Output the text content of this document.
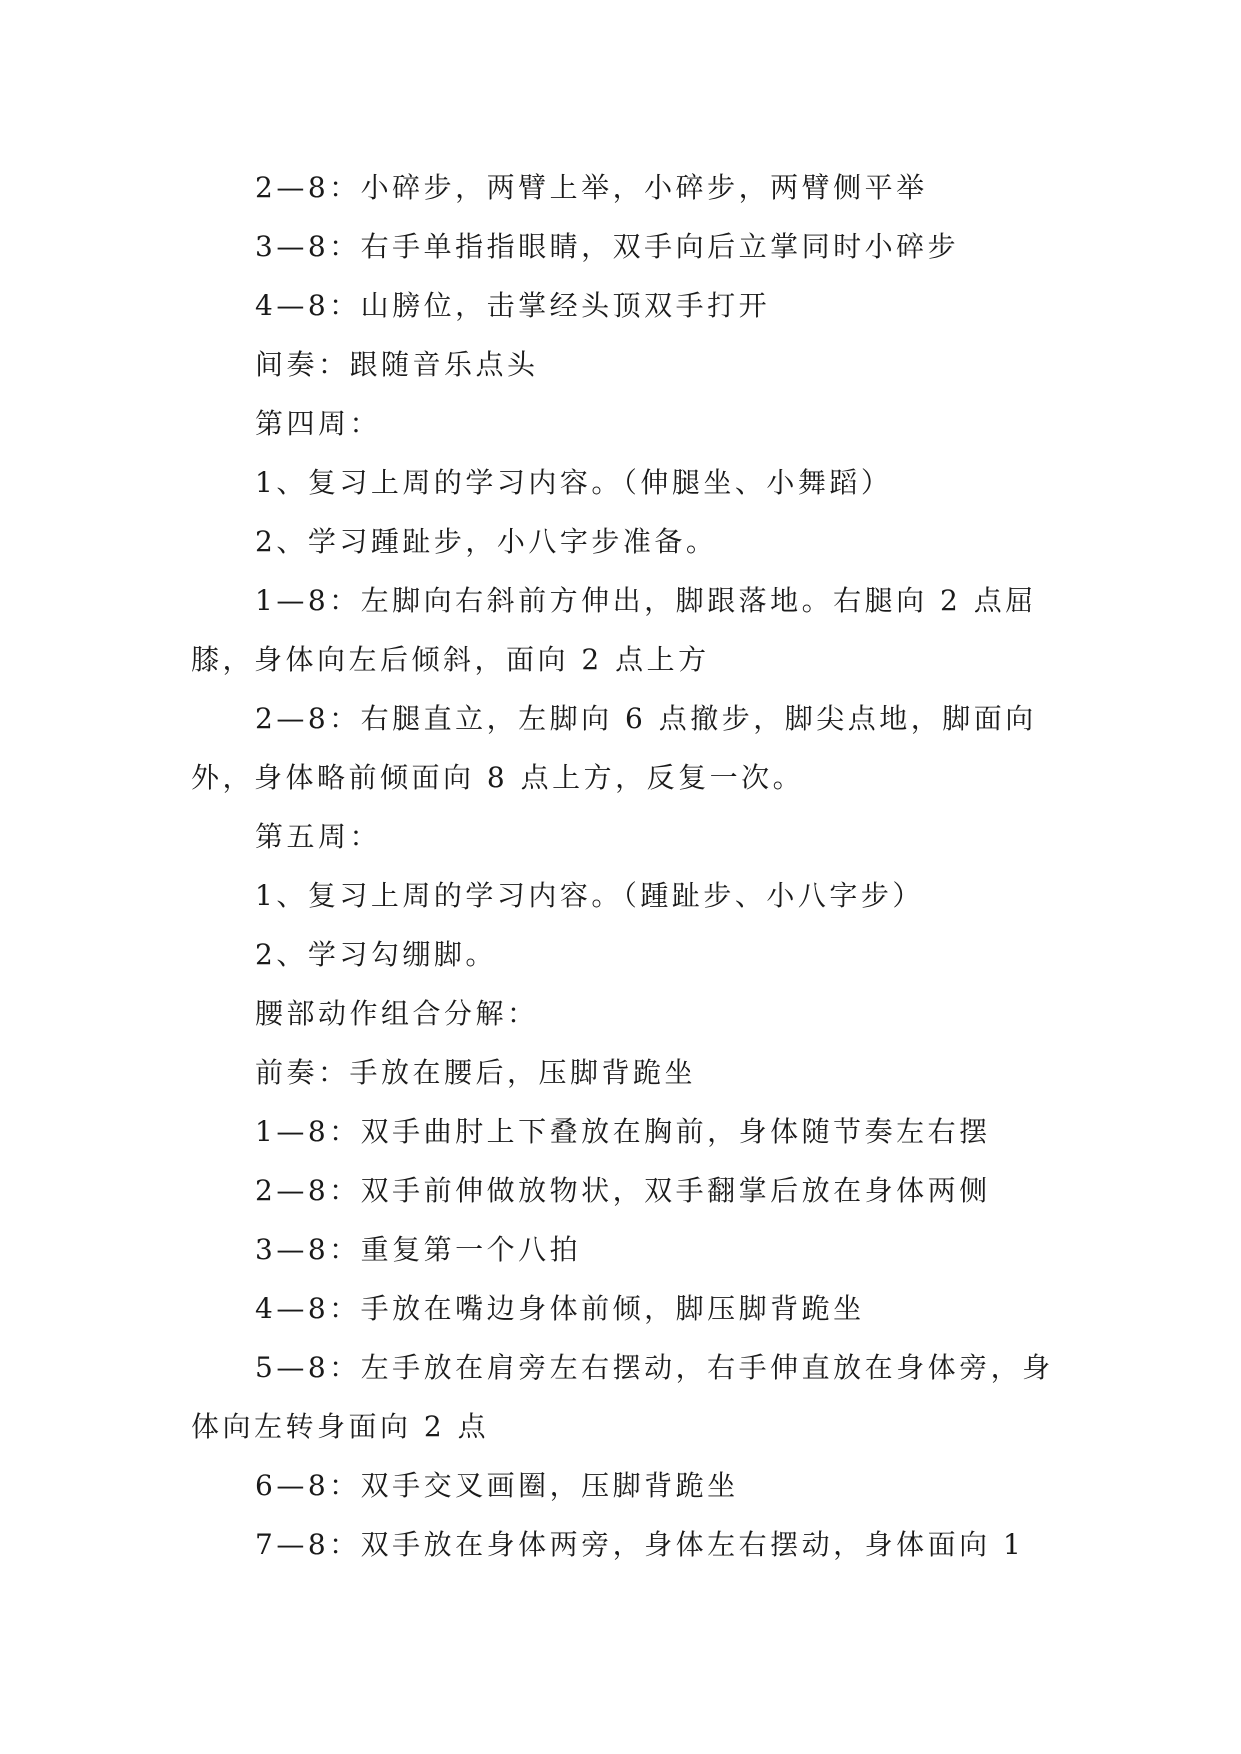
2—8：小碎步，两臂上举，小碎步，两臂侧平举

3—8：右手单指指眼睛，双手向后立掌同时小碎步

4—8：山膀位，击掌经头顶双手打开

间奏：跟随音乐点头

第四周：

1、复习上周的学习内容。（伸腿坐、小舞蹈）

2、学习踵趾步，小八字步准备。

1—8：左脚向右斜前方伸出，脚跟落地。右腿向 2 点屈膝，身体向左后倾斜，面向 2 点上方

2—8：右腿直立，左脚向 6 点撤步，脚尖点地，脚面向外，身体略前倾面向 8 点上方，反复一次。

第五周：

1、复习上周的学习内容。（踵趾步、小八字步）

2、学习勾绷脚。

腰部动作组合分解：

前奏：手放在腰后，压脚背跪坐

1—8：双手曲肘上下叠放在胸前，身体随节奏左右摆

2—8：双手前伸做放物状，双手翻掌后放在身体两侧

3—8：重复第一个八拍

4—8：手放在嘴边身体前倾，脚压脚背跪坐

5—8：左手放在肩旁左右摆动，右手伸直放在身体旁，身体向左转身面向 2 点

6—8：双手交叉画圈，压脚背跪坐

7—8：双手放在身体两旁，身体左右摆动，身体面向 1
